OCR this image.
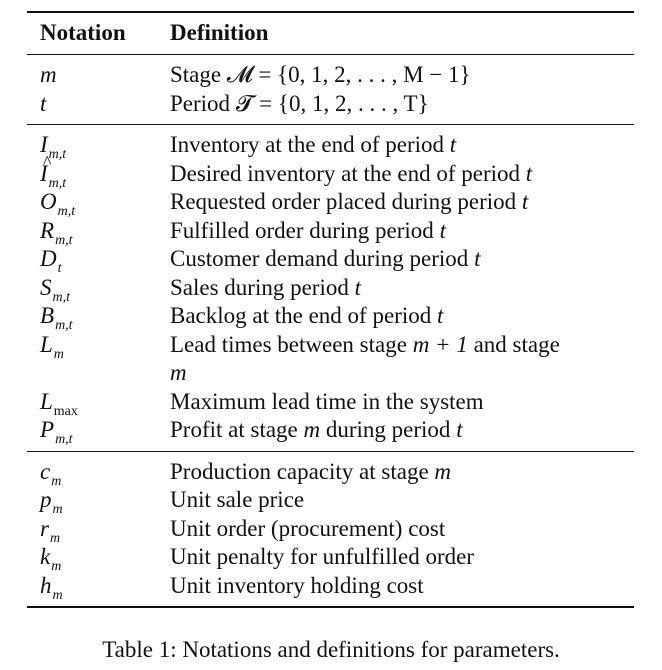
Notation	Definition
m	Stage 𝓜 = {0, 1, 2, . . . , M − 1}
t	Period 𝓣 = {0, 1, 2, . . . , T}
$I_{m,t}$	Inventory at the end of period t
^ $I_{m,t}$	Desired inventory at the end of period t
$O_{m,t}$	Requested order placed during period t
$R_{m,t}$	Fulfilled order during period t
$D_t$	Customer demand during period t
$S_{m,t}$	Sales during period t
$B_{m,t}$	Backlog at the end of period t
$L_m$	Lead times between stage m + 1 and stage
m
$L_{max}$	Maximum lead time in the system
$P_{m,t}$	Profit at stage m during period t
$c_m$	Production capacity at stage m
$p_m$	Unit sale price
$r_m$	Unit order (procurement) cost
$k_m$	Unit penalty for unfulfilled order
$h_m$	Unit inventory holding cost
Table 1: Notations and definitions for parameters.
